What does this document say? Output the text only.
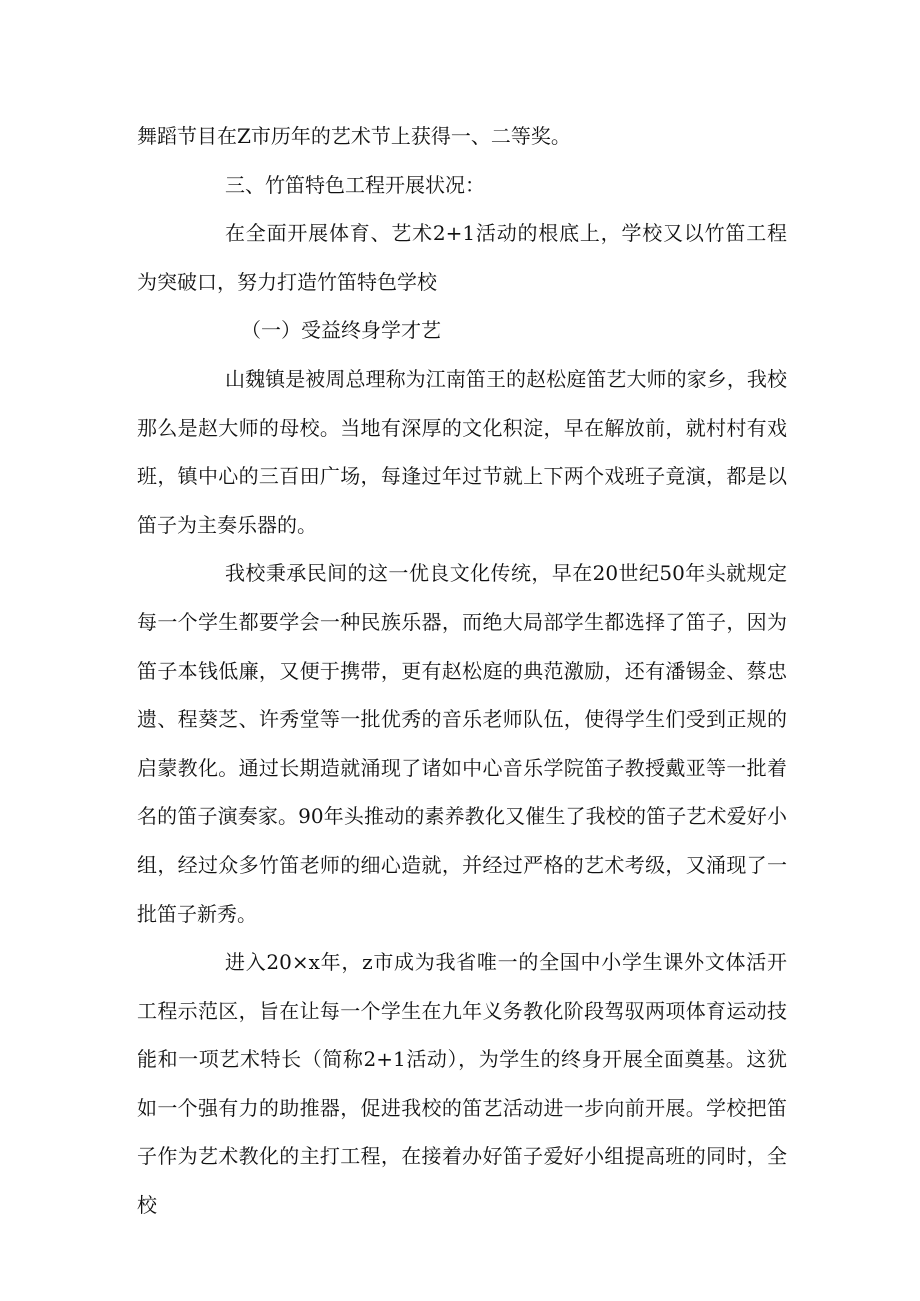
舞蹈节目在Z市历年的艺术节上获得一、二等奖。

三、竹笛特色工程开展状况：

在全面开展体育、艺术2+1活动的根底上，学校又以竹笛工程为突破口，努力打造竹笛特色学校

（一）受益终身学才艺

山魏镇是被周总理称为江南笛王的赵松庭笛艺大师的家乡，我校那么是赵大师的母校。当地有深厚的文化积淀，早在解放前，就村村有戏班，镇中心的三百田广场，每逢过年过节就上下两个戏班子竟演，都是以笛子为主奏乐器的。

我校秉承民间的这一优良文化传统，早在20世纪50年头就规定每一个学生都要学会一种民族乐器，而绝大局部学生都选择了笛子，因为笛子本钱低廉，又便于携带，更有赵松庭的典范激励，还有潘锡金、蔡忠遗、程葵芝、许秀堂等一批优秀的音乐老师队伍，使得学生们受到正规的启蒙教化。通过长期造就涌现了诸如中心音乐学院笛子教授戴亚等一批着名的笛子演奏家。90年头推动的素养教化又催生了我校的笛子艺术爱好小组，经过众多竹笛老师的细心造就，并经过严格的艺术考级，又涌现了一批笛子新秀。

进入20×x年，z市成为我省唯一的全国中小学生课外文体活开工程示范区，旨在让每一个学生在九年义务教化阶段驾驭两项体育运动技能和一项艺术特长（简称2+1活动），为学生的终身开展全面奠基。这犹如一个强有力的助推器，促进我校的笛艺活动进一步向前开展。学校把笛子作为艺术教化的主打工程，在接着办好笛子爱好小组提高班的同时，全校
